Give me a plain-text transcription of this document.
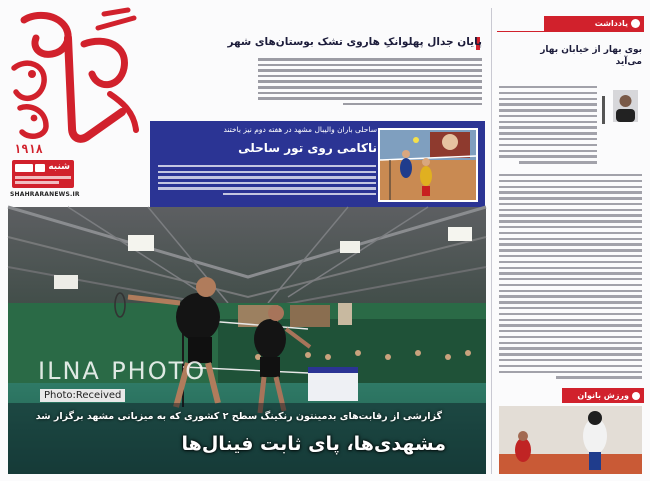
۱۹۱۸
شنبه
SHAHRARANEWS.IR
پایان جدال پهلوانکِ هاروی تشک بوستان‌های شهر
ساحلی باران والیبال مشهد در هفته دوم نیز باختند
ناکامی روی تور ساحلی
ILNA PHOTO
Photo:Received
گزارشی از رقابت‌های بدمینتون رنکینگ سطح ۲ کشوری که به میزبانی مشهد برگزار شد
مشهدی‌ها، پای ثابت فینال‌ها
یادداشت
بوی بهار از خیابان بهار می‌آید
ورزش بانوان
